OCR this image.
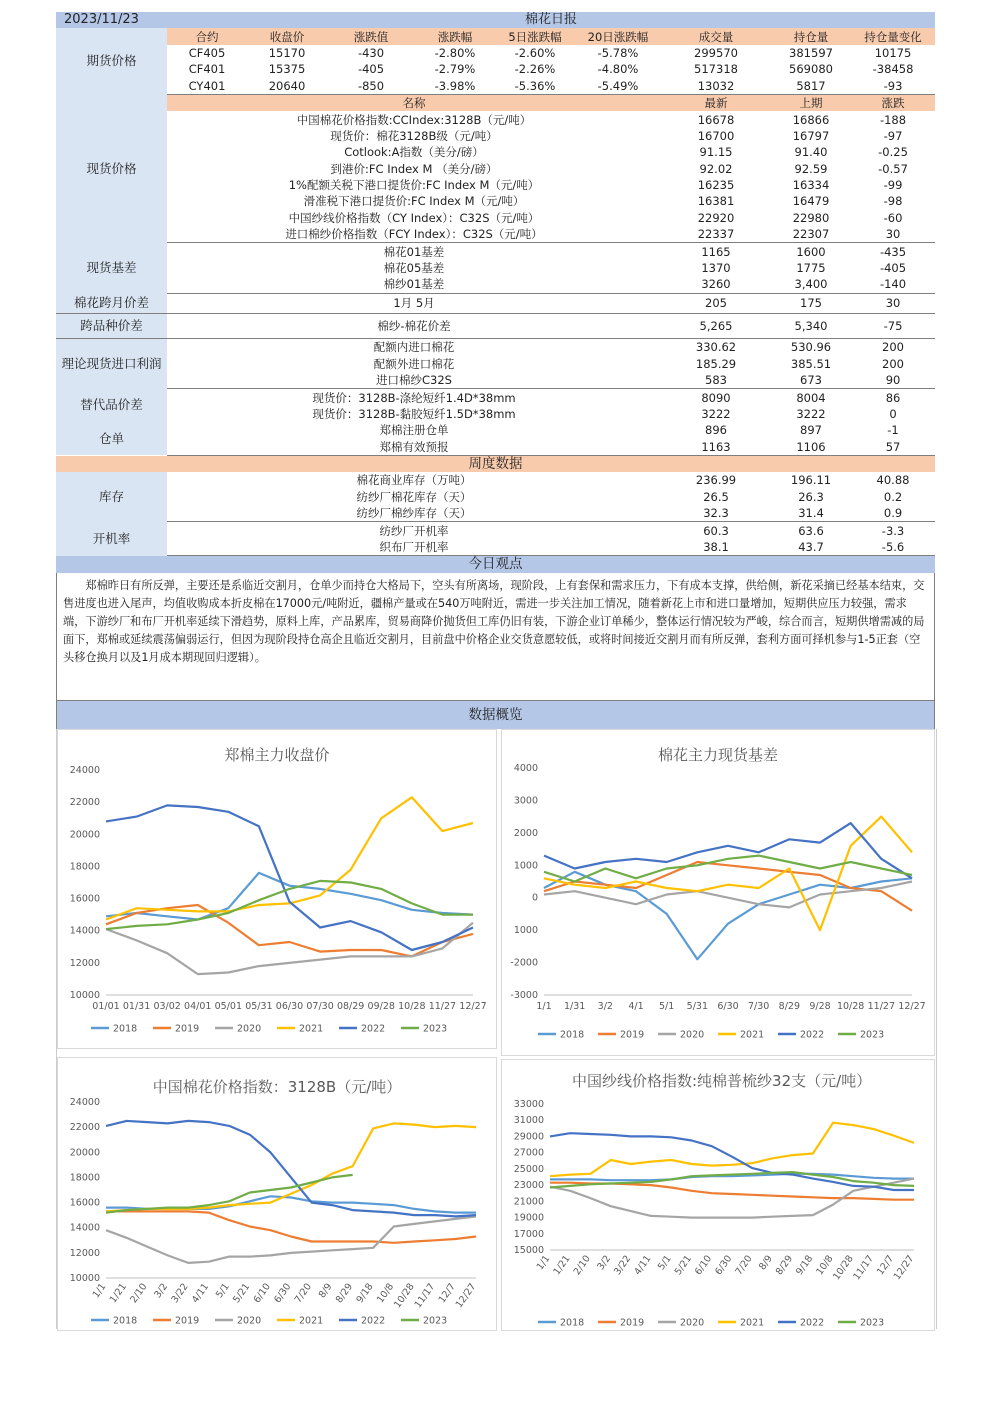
2023/11/23	棉花日报								
期货价格	合约	收盘价	涨跌值	涨跌幅	5日涨跌幅	20日涨跌幅	成交量	持仓量	持仓量变化
	CF405	15170	-430	-2.80%	-2.60%	-5.78%	299570	381597	10175
	CF401	15375	-405	-2.79%	-2.26%	-4.80%	517318	569080	-38458
	CY401	20640	-850	-3.98%	-5.36%	-5.49%	13032	5817	-93
现货价格	名称						最新	上期	涨跌
	中国棉花价格指数:CCIndex:3128B（元/吨）						16678	16866	-188
	现货价：棉花3128B级（元/吨）						16700	16797	-97
	Cotlook:A指数（美分/磅）						91.15	91.40	-0.25
	到港价:FC Index M （美分/磅）						92.02	92.59	-0.57
	1%配额关税下港口提货价:FC Index M（元/吨）						16235	16334	-99
	滑准税下港口提货价:FC Index M（元/吨）						16381	16479	-98
	中国纱线价格指数（CY Index）：C32S（元/吨）						22920	22980	-60
	进口棉纱价格指数（FCY Index）：C32S（元/吨）						22337	22307	30
现货基差	棉花01基差						1165	1600	-435
	棉花05基差						1370	1775	-405
	棉纱01基差						3260	3,400	-140
棉花跨月价差	1月 5月						205	175	30
跨品种价差	棉纱-棉花价差						5,265	5,340	-75
理论现货进口利润	配额内进口棉花						330.62	530.96	200
	配额外进口棉花						185.29	385.51	200
	进口棉纱C32S						583	673	90
替代品价差	现货价：3128B-涤纶短纤1.4D*38mm						8090	8004	86
	现货价：3128B-黏胶短纤1.5D*38mm						3222	3222	0
仓单	郑棉注册仓单						896	897	-1
	郑棉有效预报						1163	1106	57
周度数据									
库存	棉花商业库存（万吨）						236.99	196.11	40.88
	纺纱厂棉花库存（天）						26.5	26.3	0.2
	纺纱厂棉纱库存（天）						32.3	31.4	0.9
开机率	纺纱厂开机率						60.3	63.6	-3.3
	织布厂开机率						38.1	43.7	-5.6
今日观点									
郑棉昨日有所反弹，主要还是系临近交割月，仓单少而持仓大格局下，空头有所离场，现阶段，上有套保和需求压力，下有成本支撑，供给侧，新花采摘已经基本结束，交售进度也进入尾声，均值收购成本折皮棉在17000元/吨附近，疆棉产量或在540万吨附近，需进一步关注加工情况，随着新花上市和进口量增加，短期供应压力较强，需求端，下游纱厂和布厂开机率延续下滑趋势，原料上库，产品累库，贸易商降价抛货但工库仍旧有装，下游企业订单稀少，整体运行情况较为严峻，综合而言，短期供增需减的局面下，郑棉或延续震荡偏弱运行，但因为现阶段持仓高企且临近交割月，目前盘中价格企业交货意愿较低，或将时间接近交割月而有所反弹，套利方面可择机参与1-5正套（空头移仓换月以及1月成本期现回归逻辑）。
数据概览
郑棉主力收盘价
10000
12000
14000
16000
18000
20000
22000
24000
01/01 01/31 03/02 04/01 05/01 05/31 06/30 07/30 08/29 09/28 10/28 11/27 12/27
2018	2019	2020	2021	2022	2023
棉花主力现货基差
-3000
-2000
1000
0
1000
2000
3000
4000
1/1 1/31 3/2 4/1 5/1 5/31 6/30 7/30 8/29 9/28 10/28 11/27 12/27
2018	2019	2020	2021	2022	2023
中国棉花价格指数：3128B（元/吨）
10000
12000
14000
16000
18000
20000
22000
24000
1/1 1/21 2/10 3/2 3/22 4/11 5/1 5/21 6/10 6/30 7/20 8/9 8/29 9/18 10/8
10/28
11/17 12/7
12/27
2018	2019	2020	2021	2022	2023
中国纱线价格指数:纯棉普梳纱32支（元/吨）
15000
17000
19000
21000
23000
25000
27000
29000
31000
33000
1/1
1/21
2/10 3/2
3/22
4/11 5/1
5/21
6/10
6/30
7/20 8/9
8/29
9/18
10/8
10/28
11/17
12/7
12/27
2018	2019	2020	2021	2022	2023
